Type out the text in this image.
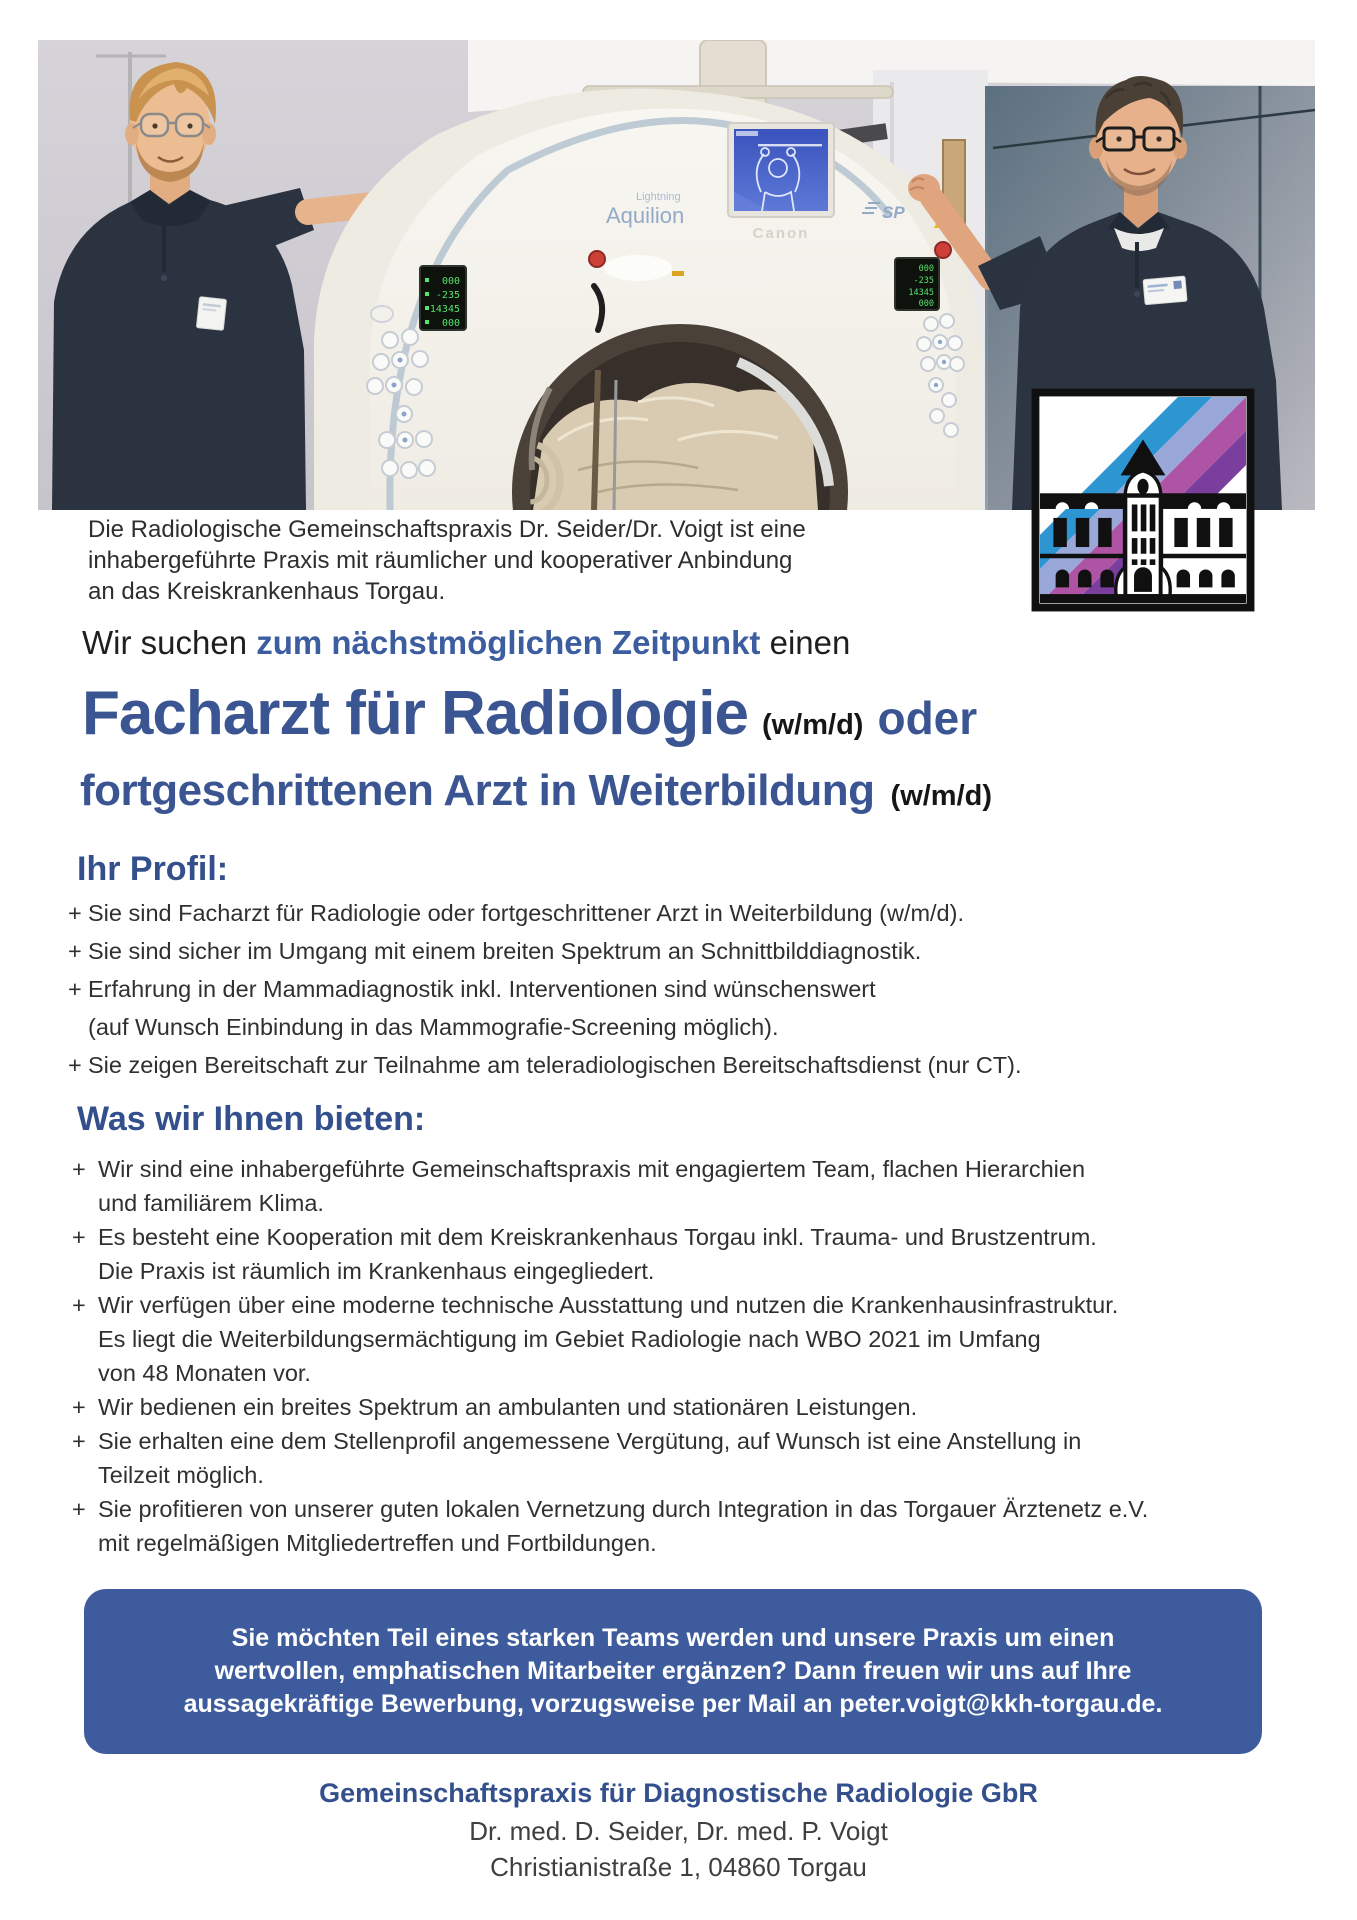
Lightning
Aquilion
Canon
SP
000
-235
14345
000
000
-235
14345
000
Die Radiologische Gemeinschaftspraxis Dr. Seider/Dr. Voigt ist eine
inhabergeführte Praxis mit räumlicher und kooperativer Anbindung
an das Kreiskrankenhaus Torgau.
Wir suchen zum nächstmöglichen Zeitpunkt einen
Facharzt für Radiologie (w/m/d) oder
fortgeschrittenen Arzt in Weiterbildung (w/m/d)
Ihr Profil:
+ Sie sind Facharzt für Radiologie oder fortgeschrittener Arzt in Weiterbildung (w/m/d).
+ Sie sind sicher im Umgang mit einem breiten Spektrum an Schnittbilddiagnostik.
+ Erfahrung in der Mammadiagnostik inkl. Interventionen sind wünschenswert
(auf Wunsch Einbindung in das Mammografie-Screening möglich).
+ Sie zeigen Bereitschaft zur Teilnahme am teleradiologischen Bereitschaftsdienst (nur CT).
Was wir Ihnen bieten:
+ Wir sind eine inhabergeführte Gemeinschaftspraxis mit engagiertem Team, flachen Hierarchien
und familiärem Klima.
+ Es besteht eine Kooperation mit dem Kreiskrankenhaus Torgau inkl. Trauma- und Brustzentrum.
Die Praxis ist räumlich im Krankenhaus eingegliedert.
+ Wir verfügen über eine moderne technische Ausstattung und nutzen die Krankenhausinfrastruktur.
Es liegt die Weiterbildungsermächtigung im Gebiet Radiologie nach WBO 2021 im Umfang
von 48 Monaten vor.
+ Wir bedienen ein breites Spektrum an ambulanten und stationären Leistungen.
+ Sie erhalten eine dem Stellenprofil angemessene Vergütung, auf Wunsch ist eine Anstellung in
Teilzeit möglich.
+ Sie profitieren von unserer guten lokalen Vernetzung durch Integration in das Torgauer Ärztenetz e.V.
mit regelmäßigen Mitgliedertreffen und Fortbildungen.
Sie möchten Teil eines starken Teams werden und unsere Praxis um einen
wertvollen, emphatischen Mitarbeiter ergänzen? Dann freuen wir uns auf Ihre
aussagekräftige Bewerbung, vorzugsweise per Mail an peter.voigt@kkh-torgau.de.
Gemeinschaftspraxis für Diagnostische Radiologie GbR
Dr. med. D. Seider, Dr. med. P. Voigt
Christianistraße 1, 04860 Torgau
